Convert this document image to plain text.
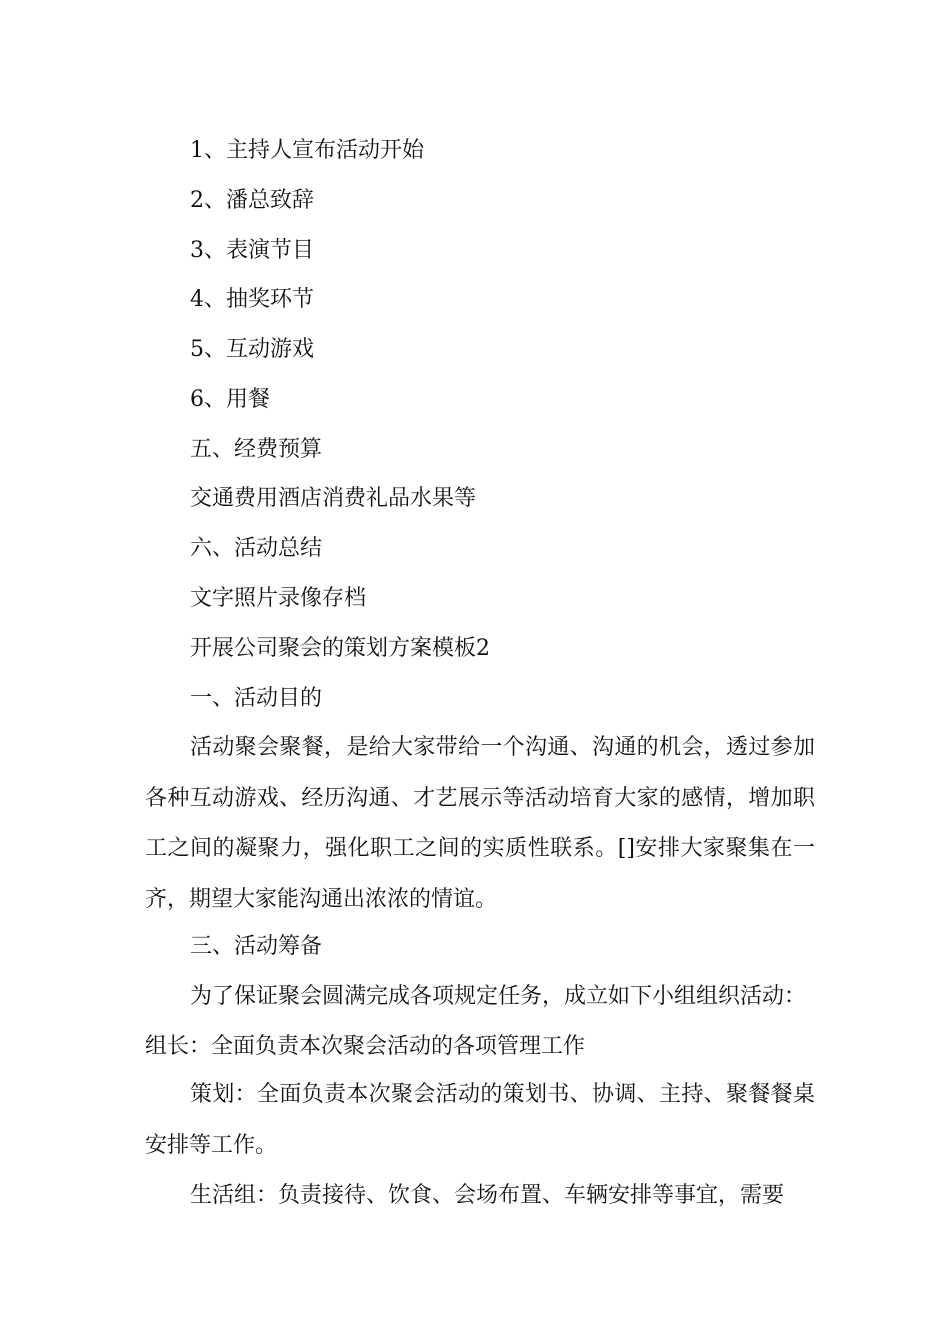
1、主持人宣布活动开始
2、潘总致辞
3、表演节目
4、抽奖环节
5、互动游戏
6、用餐
五、经费预算
交通费用酒店消费礼品水果等
六、活动总结
文字照片录像存档
开展公司聚会的策划方案模板2
一、活动目的
活动聚会聚餐，是给大家带给一个沟通、沟通的机会，透过参加各种互动游戏、经历沟通、才艺展示等活动培育大家的感情，增加职工之间的凝聚力，强化职工之间的实质性联系。[]安排大家聚集在一齐，期望大家能沟通出浓浓的情谊。
三、活动筹备
为了保证聚会圆满完成各项规定任务，成立如下小组组织活动：
组长：全面负责本次聚会活动的各项管理工作
策划：全面负责本次聚会活动的策划书、协调、主持、聚餐餐桌安排等工作。
生活组：负责接待、饮食、会场布置、车辆安排等事宜，需要
